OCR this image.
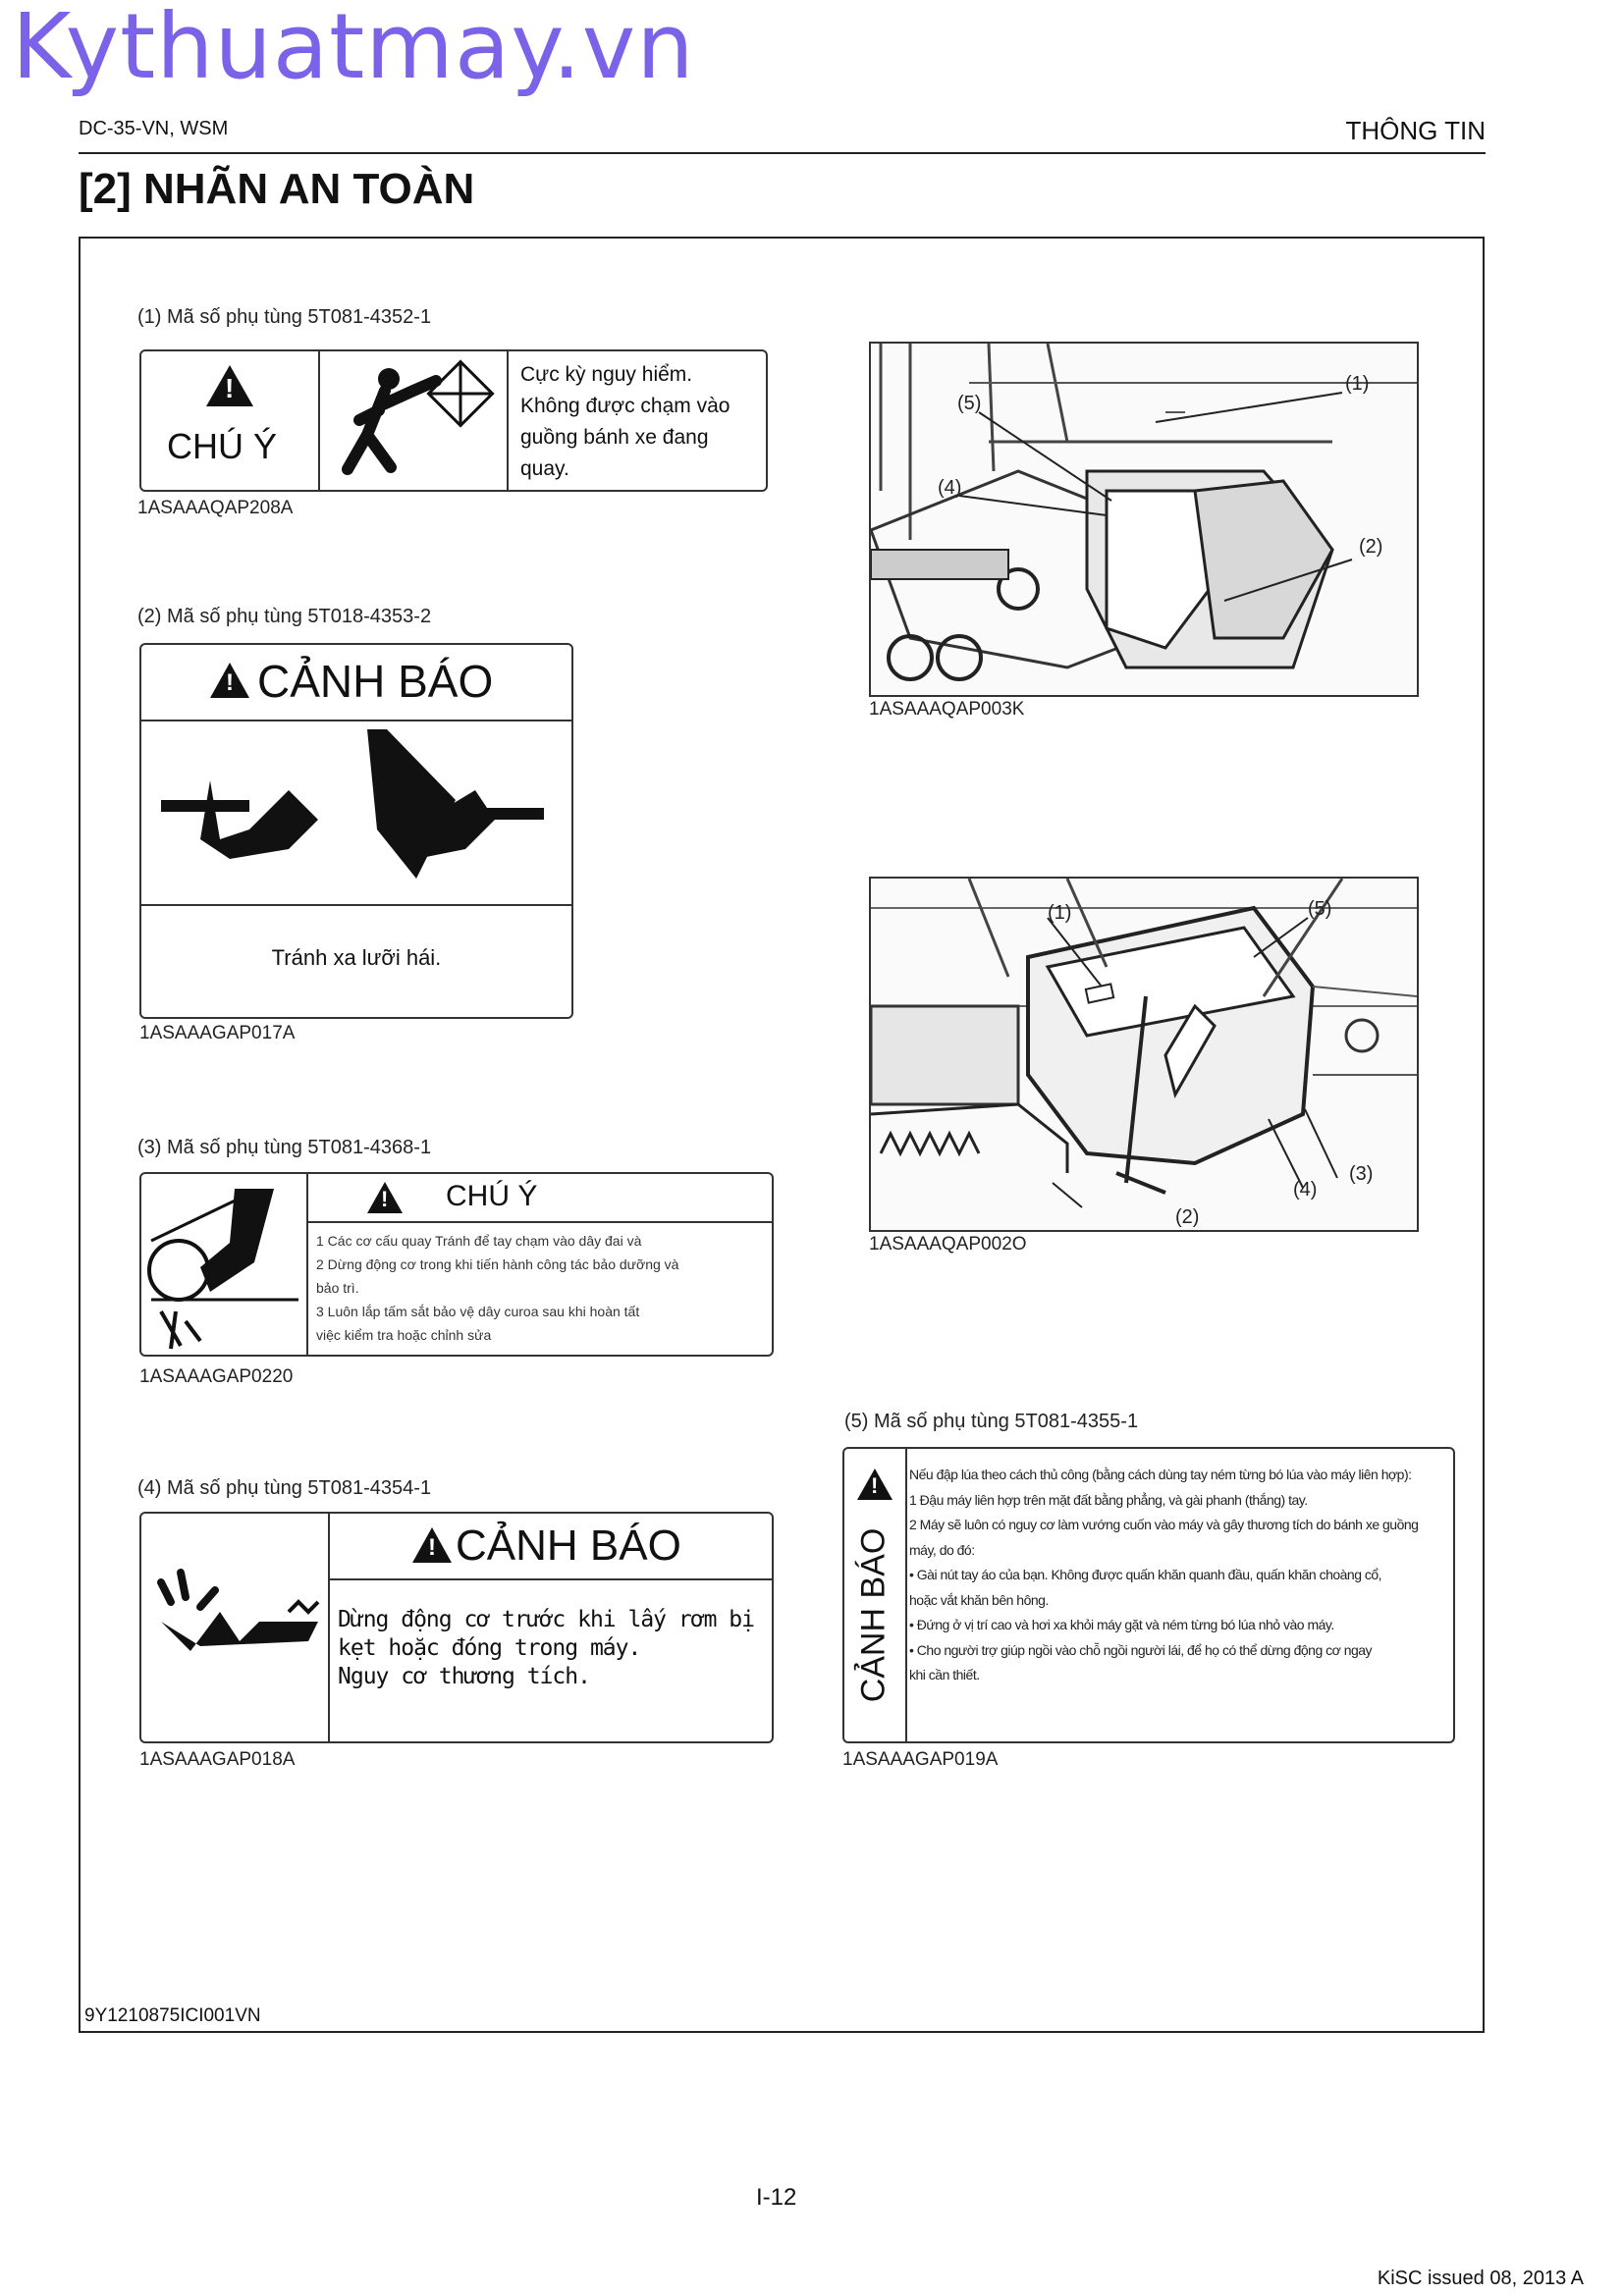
Kythuatmay.vn
DC-35-VN, WSM	THÔNG TIN
[2] NHÃN AN TOÀN
(1) Mã số phụ tùng 5T081-4352-1
!
CHÚ Ý
Cực kỳ nguy hiểm.
Không được chạm vào
guồng bánh xe đang
quay.
1ASAAAQAP208A
(2) Mã số phụ tùng 5T018-4353-2
!
CẢNH BÁO
Tránh xa lưỡi hái.
1ASAAAGAP017A
(3) Mã số phụ tùng 5T081-4368-1
!
CHÚ Ý
1 Các cơ cấu quay Tránh để tay chạm vào dây đai và
2 Dừng động cơ trong khi tiến hành công tác bảo dưỡng và
bảo trì.
3 Luôn lắp tấm sắt bảo vệ dây curoa sau khi hoàn tất
việc kiểm tra hoặc chỉnh sửa
1ASAAAGAP0220
(4) Mã số phụ tùng 5T081-4354-1
!
CẢNH BÁO
Dừng động cơ trước khi lấy rơm bị
kẹt hoặc đóng trong máy.
Nguy cơ thương tích.
1ASAAAGAP018A
(1)
(2)
(4)
(5)
1ASAAAQAP003K
(1)
(2)
(3)
(4)
(5)
1ASAAAQAP002O
(5) Mã số phụ tùng 5T081-4355-1
!
CẢNH BÁO
Nếu đập lúa theo cách thủ công (bằng cách dùng tay ném từng bó lúa vào máy liên hợp):
1 Đậu máy liên hợp trên mặt đất bằng phẳng, và gài phanh (thắng) tay.
2 Máy sẽ luôn có nguy cơ làm vướng cuốn vào máy và gây thương tích do bánh xe guồng
máy, do đó:
• Gài nút tay áo của bạn. Không được quấn khăn quanh đầu, quấn khăn choàng cổ,
hoặc vắt khăn bên hông.
• Đứng ở vị trí cao và hơi xa khỏi máy gặt và ném từng bó lúa nhỏ vào máy.
• Cho người trợ giúp ngồi vào chỗ ngồi người lái, để họ có thể dừng động cơ ngay
khi cần thiết.
1ASAAAGAP019A
9Y1210875ICI001VN
I-12
KiSC issued 08, 2013 A
